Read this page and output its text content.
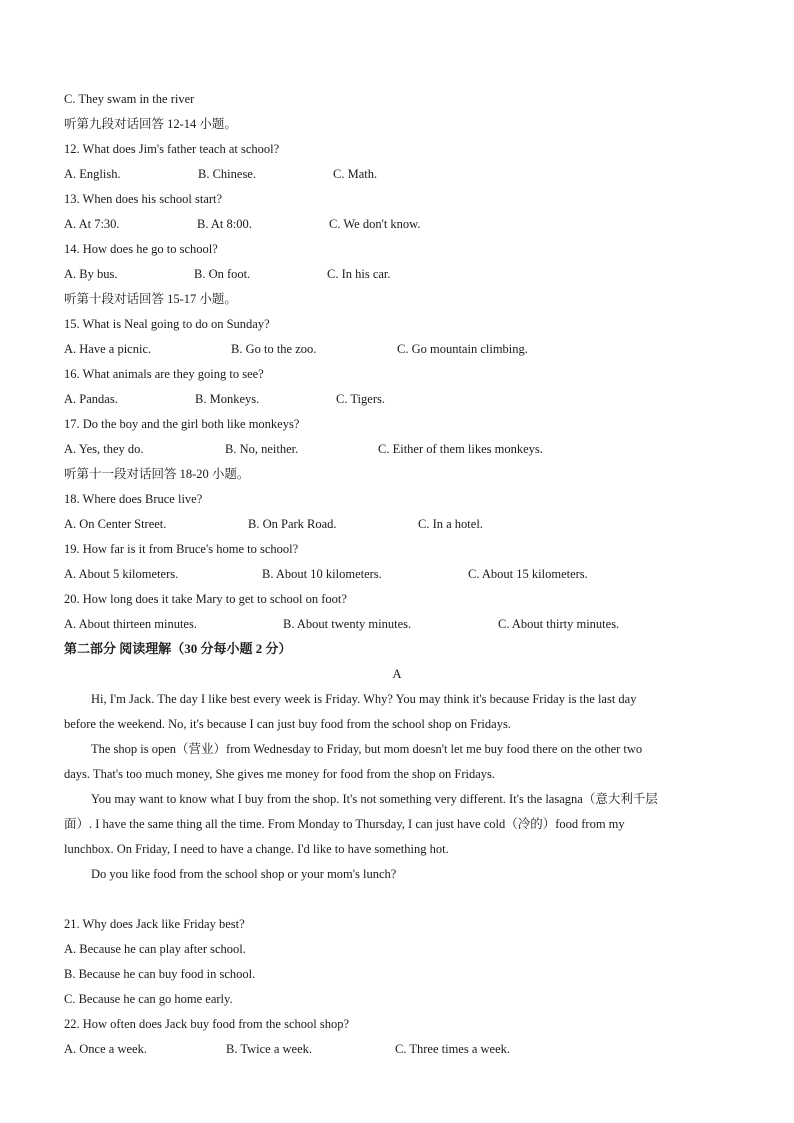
C. They swam in the river
听第九段对话回答 12-14 小题。
12. What does Jim's father teach at school?
A. English.	B. Chinese.	C. Math.
13. When does his school start?
A. At 7:30.	B. At 8:00.	C. We don't know.
14. How does he go to school?
A. By bus.	B. On foot.	C. In his car.
听第十段对话回答 15-17 小题。
15. What is Neal going to do on Sunday?
A. Have a picnic.	B. Go to the zoo.	C. Go mountain climbing.
16. What animals are they going to see?
A. Pandas.	B. Monkeys.	C. Tigers.
17. Do the boy and the girl both like monkeys?
A. Yes, they do.	B. No, neither.	C. Either of them likes monkeys.
听第十一段对话回答 18-20 小题。
18. Where does Bruce live?
A. On Center Street.	B. On Park Road.	C. In a hotel.
19. How far is it from Bruce's home to school?
A. About 5 kilometers.	B. About 10 kilometers.	C. About 15 kilometers.
20. How long does it take Mary to get to school on foot?
A. About thirteen minutes.	B. About twenty minutes.	C. About thirty minutes.
第二部分 阅读理解（30 分每小题 2 分）
A
Hi, I'm Jack. The day I like best every week is Friday. Why? You may think it's because Friday is the last day
before the weekend. No, it's because I can just buy food from the school shop on Fridays.
The shop is open（营业）from Wednesday to Friday, but mom doesn't let me buy food there on the other two
days. That's too much money, She gives me money for food from the shop on Fridays.
You may want to know what I buy from the shop. It's not something very different. It's the lasagna（意大利千层
面）. I have the same thing all the time. From Monday to Thursday, I can just have cold（冷的）food from my
lunchbox. On Friday, I need to have a change. I'd like to have something hot.
Do you like food from the school shop or your mom's lunch?
21. Why does Jack like Friday best?
A. Because he can play after school.
B. Because he can buy food in school.
C. Because he can go home early.
22. How often does Jack buy food from the school shop?
A. Once a week.	B. Twice a week.	C. Three times a week.
